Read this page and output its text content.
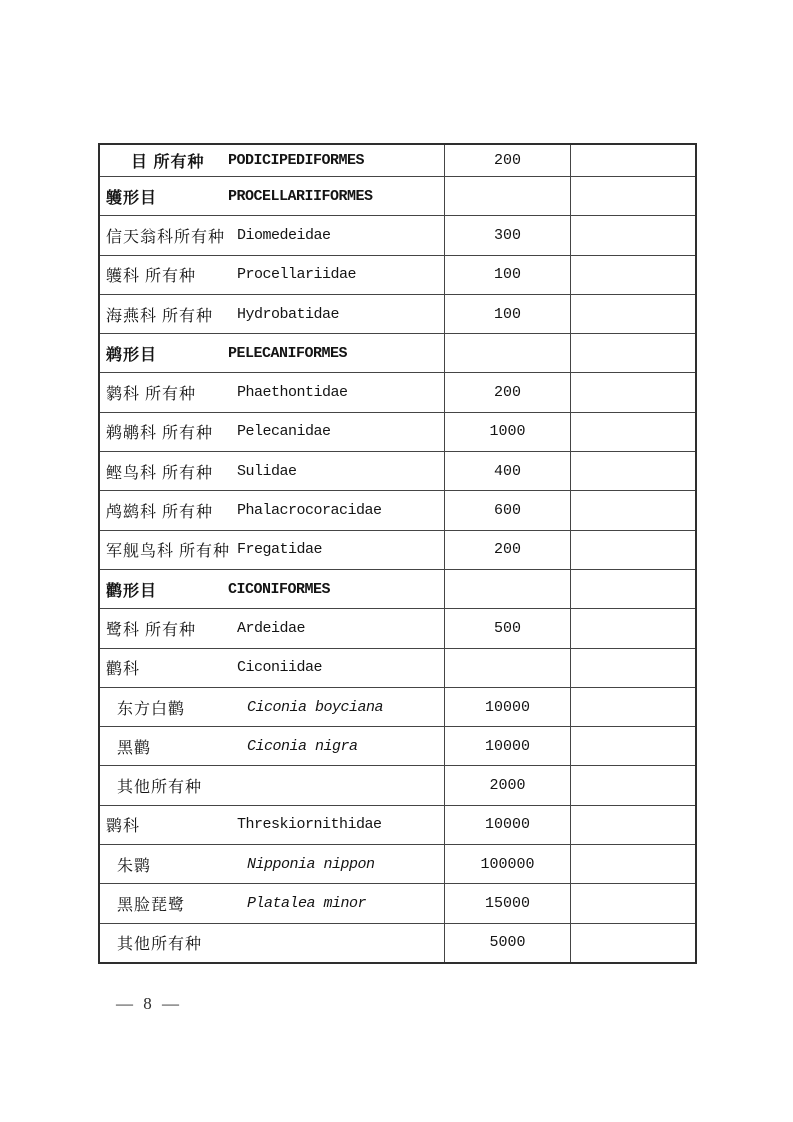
目 所有种 PODICIPEDIFORMES	200
鹱形目	PROCELLARIIFORMES
信天翁科所有种 Diomedeidae	300
鹱科 所有种	Procellariidae	100
海燕科 所有种 Hydrobatidae	100
鹈形目	PELECANIFORMES
鹲科 所有种	Phaethontidae	200
鹈鹕科 所有种 Pelecanidae	1000
鲣鸟科 所有种 Sulidae	400
鸬鹚科 所有种 Phalacrocoracidae	600
军舰鸟科 所有种 Fregatidae	200
鹳形目	CICONIFORMES
鹭科 所有种	Ardeidae	500
鹳科	Ciconiidae
东方白鹳	Ciconia boyciana	10000
黑鹳	Ciconia nigra	10000
其他所有种	2000
鹮科	Threskiornithidae	10000
朱鹮	Nipponia nippon	100000
黑脸琵鹭	Platalea minor	15000
其他所有种	5000
— 8 —
